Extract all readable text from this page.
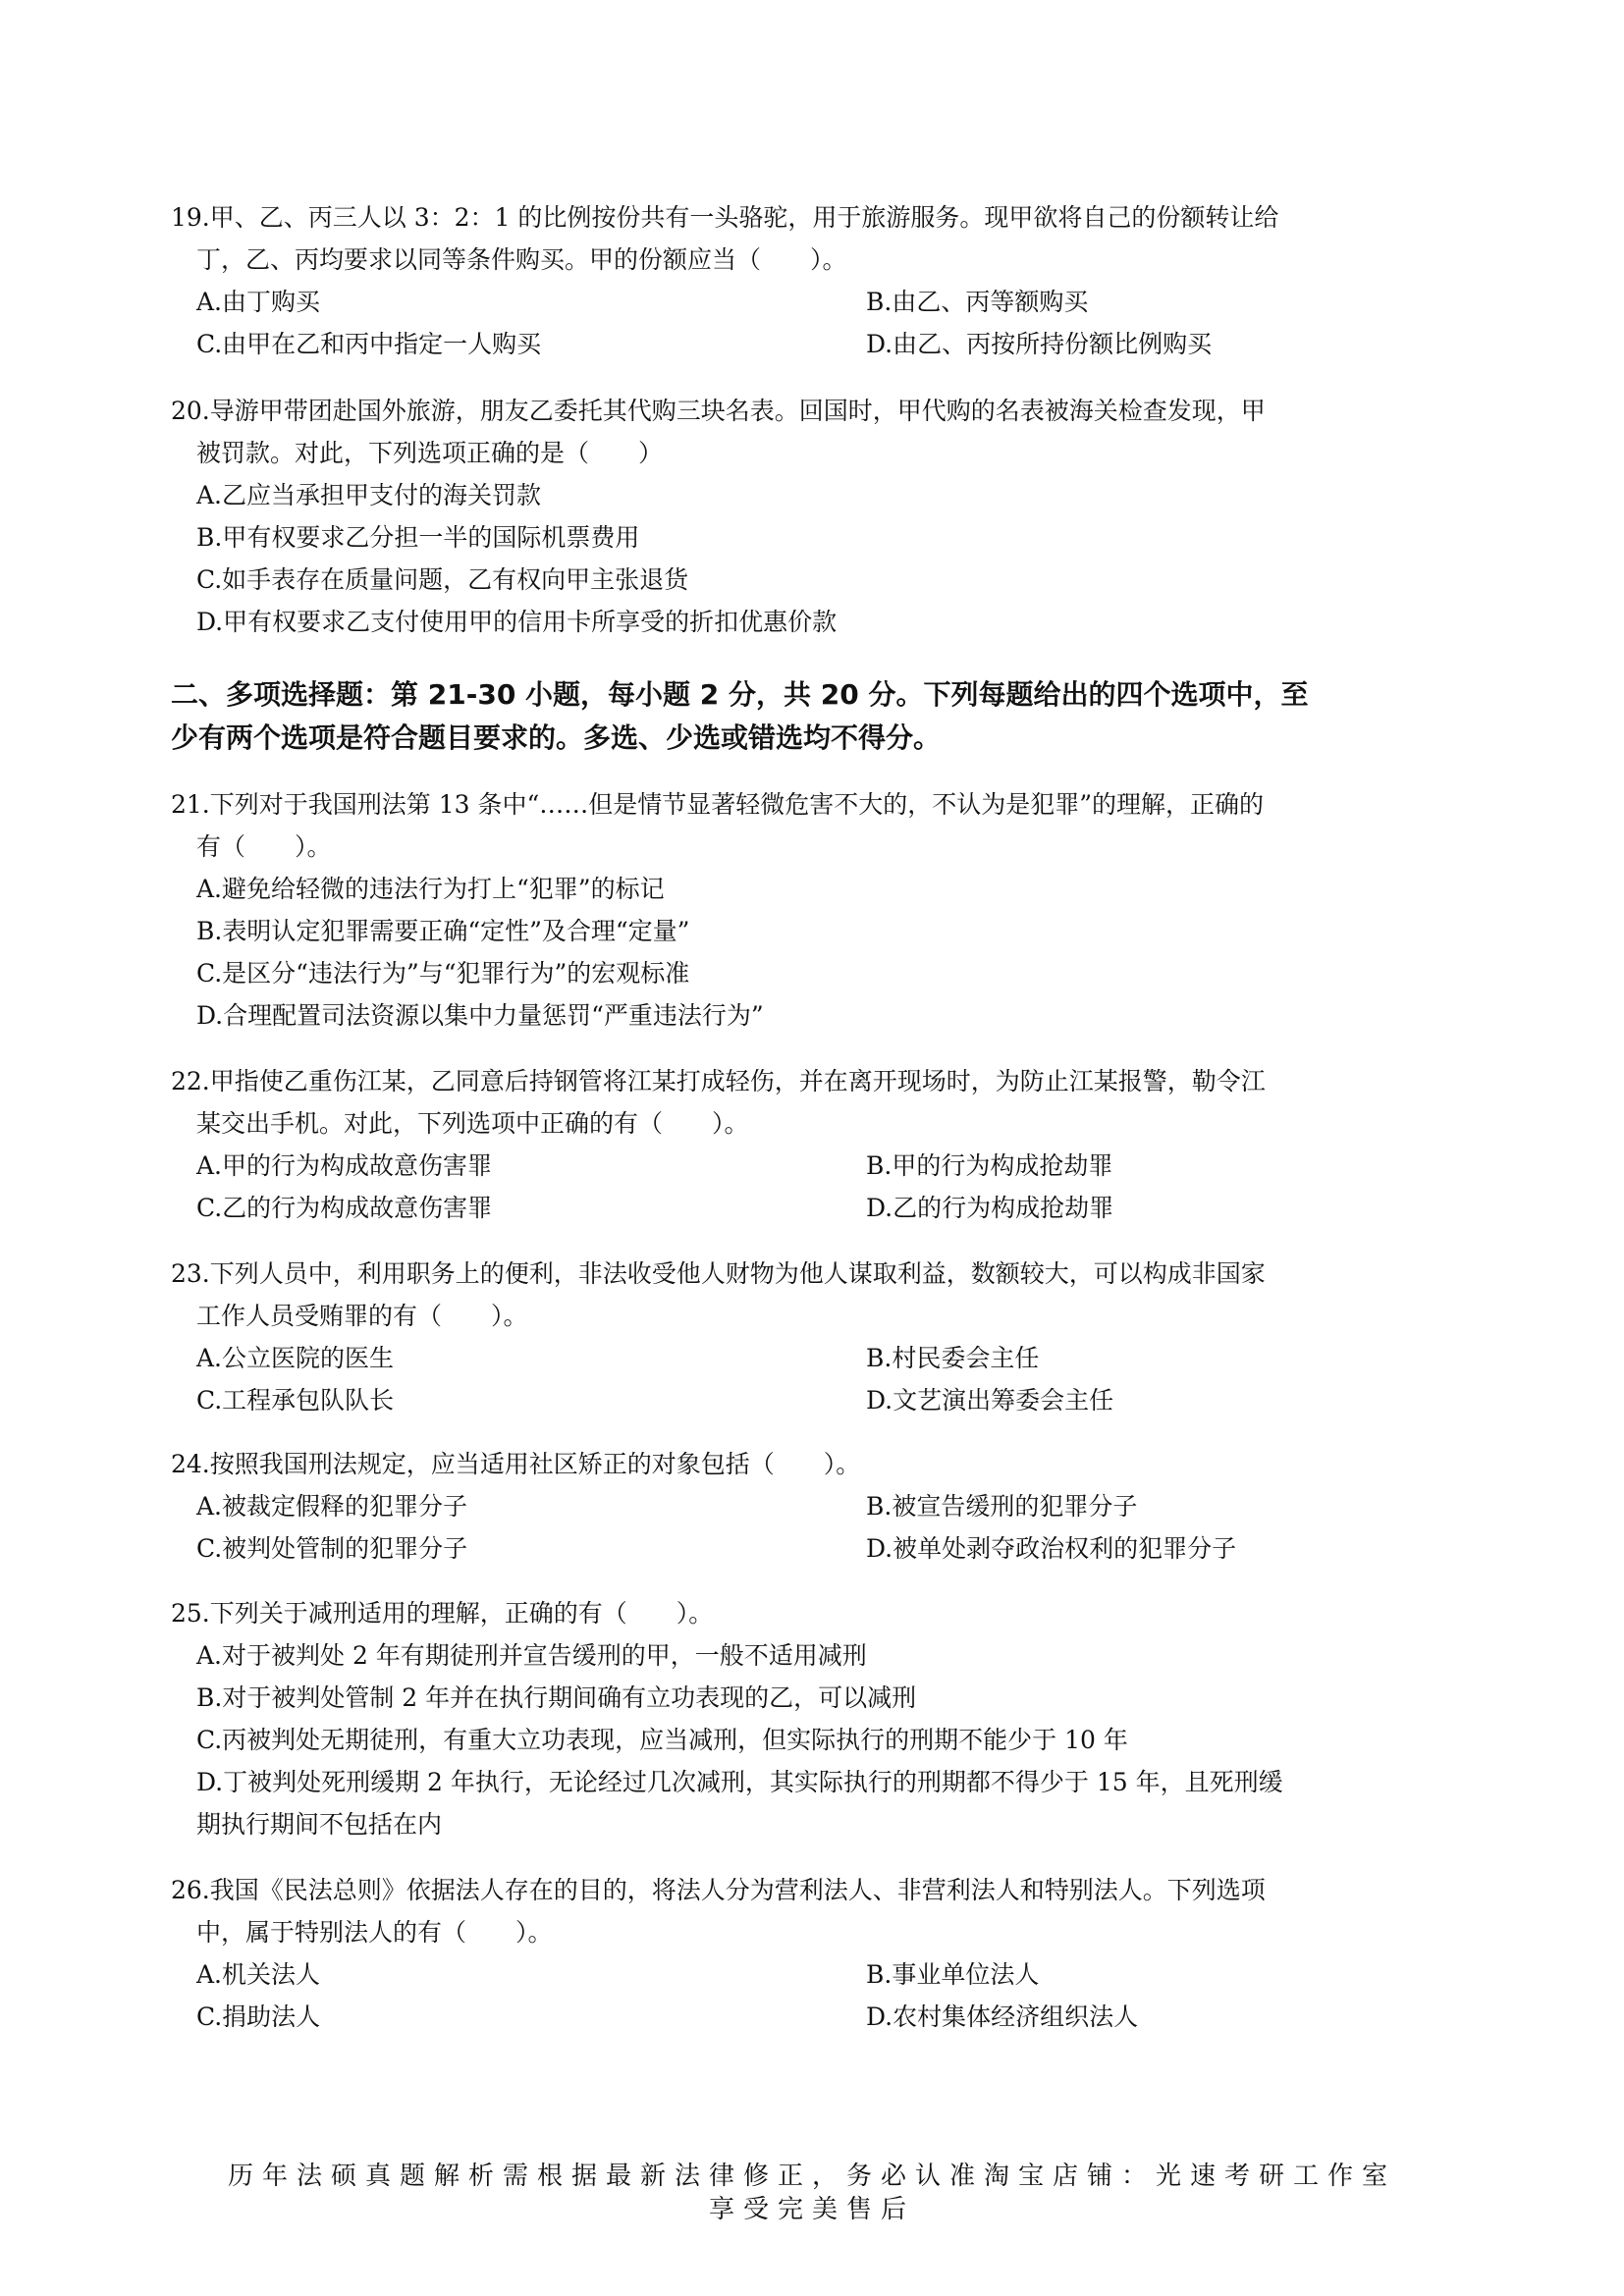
19.甲、乙、丙三人以 3：2：1 的比例按份共有一头骆驼，用于旅游服务。现甲欲将自己的份额转让给
丁，乙、丙均要求以同等条件购买。甲的份额应当（　　）。
A.由丁购买	B.由乙、丙等额购买
C.由甲在乙和丙中指定一人购买	D.由乙、丙按所持份额比例购买
20.导游甲带团赴国外旅游，朋友乙委托其代购三块名表。回国时，甲代购的名表被海关检查发现，甲
被罚款。对此，下列选项正确的是（　　）
A.乙应当承担甲支付的海关罚款
B.甲有权要求乙分担一半的国际机票费用
C.如手表存在质量问题，乙有权向甲主张退货
D.甲有权要求乙支付使用甲的信用卡所享受的折扣优惠价款
二、多项选择题：第 21-30 小题，每小题 2 分，共 20 分。下列每题给出的四个选项中，至
少有两个选项是符合题目要求的。多选、少选或错选均不得分。
21.下列对于我国刑法第 13 条中“……但是情节显著轻微危害不大的，不认为是犯罪”的理解，正确的
有（　　）。
A.避免给轻微的违法行为打上“犯罪”的标记
B.表明认定犯罪需要正确“定性”及合理“定量”
C.是区分“违法行为”与“犯罪行为”的宏观标准
D.合理配置司法资源以集中力量惩罚“严重违法行为”
22.甲指使乙重伤江某，乙同意后持钢管将江某打成轻伤，并在离开现场时，为防止江某报警，勒令江
某交出手机。对此，下列选项中正确的有（　　）。
A.甲的行为构成故意伤害罪	B.甲的行为构成抢劫罪
C.乙的行为构成故意伤害罪	D.乙的行为构成抢劫罪
23.下列人员中，利用职务上的便利，非法收受他人财物为他人谋取利益，数额较大，可以构成非国家
工作人员受贿罪的有（　　）。
A.公立医院的医生	B.村民委会主任
C.工程承包队队长	D.文艺演出筹委会主任
24.按照我国刑法规定，应当适用社区矫正的对象包括（　　）。
A.被裁定假释的犯罪分子	B.被宣告缓刑的犯罪分子
C.被判处管制的犯罪分子	D.被单处剥夺政治权利的犯罪分子
25.下列关于减刑适用的理解，正确的有（　　）。
A.对于被判处 2 年有期徒刑并宣告缓刑的甲，一般不适用减刑
B.对于被判处管制 2 年并在执行期间确有立功表现的乙，可以减刑
C.丙被判处无期徒刑，有重大立功表现，应当减刑，但实际执行的刑期不能少于 10 年
D.丁被判处死刑缓期 2 年执行，无论经过几次减刑，其实际执行的刑期都不得少于 15 年，且死刑缓
期执行期间不包括在内
26.我国《民法总则》依据法人存在的目的，将法人分为营利法人、非营利法人和特别法人。下列选项
中，属于特别法人的有（　　）。
A.机关法人	B.事业单位法人
C.捐助法人	D.农村集体经济组织法人
历年法硕真题解析需根据最新法律修正，务必认准淘宝店铺：光速考研工作室
享受完美售后
